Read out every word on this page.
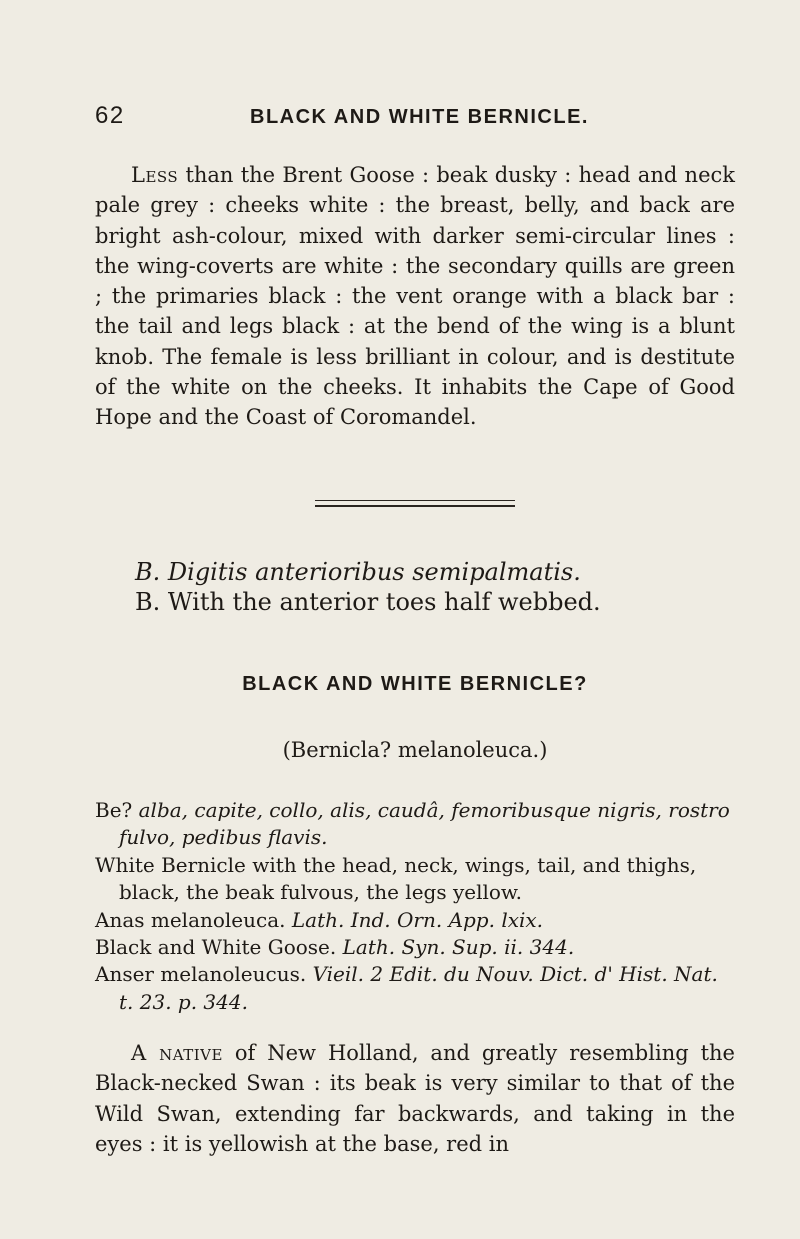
62	BLACK AND WHITE BERNICLE.
Less than the Brent Goose : beak dusky : head and neck pale grey : cheeks white : the breast, belly, and back are bright ash-colour, mixed with darker semi-circular lines : the wing-coverts are white : the secondary quills are green ; the primaries black : the vent orange with a black bar : the tail and legs black : at the bend of the wing is a blunt knob. The female is less brilliant in colour, and is destitute of the white on the cheeks. It inhabits the Cape of Good Hope and the Coast of Coromandel.
B. Digitis anterioribus semipalmatis.
B. With the anterior toes half webbed.
BLACK AND WHITE BERNICLE?
(Bernicla? melanoleuca.)

Be? alba, capite, collo, alis, caudâ, femoribusque nigris, rostro fulvo, pedibus flavis.

White Bernicle with the head, neck, wings, tail, and thighs, black, the beak fulvous, the legs yellow.

Anas melanoleuca. Lath. Ind. Orn. App. lxix.

Black and White Goose. Lath. Syn. Sup. ii. 344.

Anser melanoleucus. Vieil. 2 Edit. du Nouv. Dict. d' Hist. Nat. t. 23. p. 344.

A native of New Holland, and greatly resembling the Black-necked Swan : its beak is very similar to that of the Wild Swan, extending far backwards, and taking in the eyes : it is yellowish at the base, red in
